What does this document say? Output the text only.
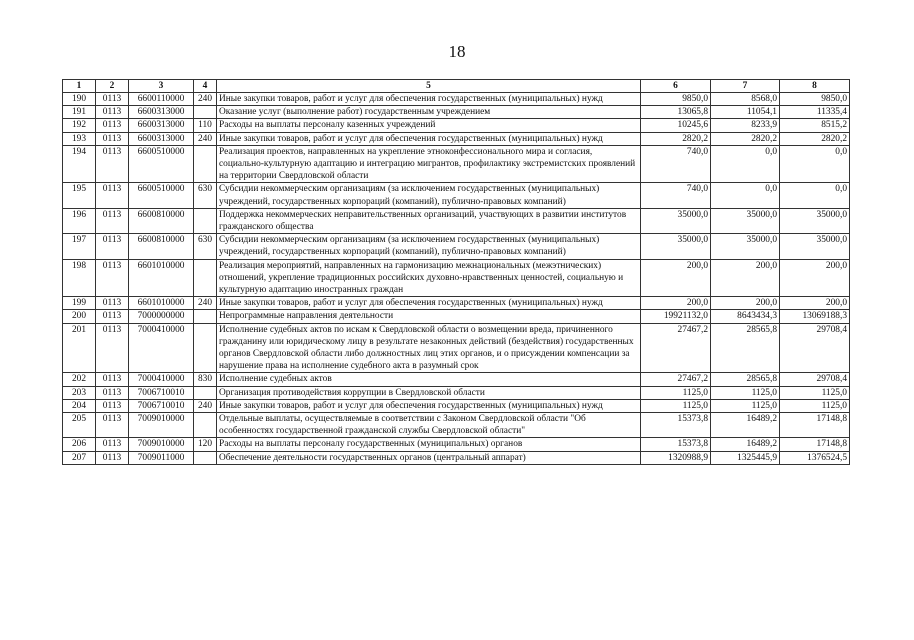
18
1	2	3	4	5	6	7	8
190	0113	6600110000	240	Иные закупки товаров, работ и услуг для обеспечения государственных (муниципальных) нужд	9850,0	8568,0	9850,0
191	0113	6600313000		Оказание услуг (выполнение работ) государственным учреждением	13065,8	11054,1	11335,4
192	0113	6600313000	110	Расходы на выплаты персоналу казенных учреждений	10245,6	8233,9	8515,2
193	0113	6600313000	240	Иные закупки товаров, работ и услуг для обеспечения государственных (муниципальных) нужд	2820,2	2820,2	2820,2
194	0113	6600510000		Реализация проектов, направленных на укрепление этноконфессионального мира и согласия, социально-культурную адаптацию и интеграцию мигрантов, профилактику экстремистских проявлений на территории Свердловской области	740,0	0,0	0,0
195	0113	6600510000	630	Субсидии некоммерческим организациям (за исключением государственных (муниципальных) учреждений, государственных корпораций (компаний), публично-правовых компаний)	740,0	0,0	0,0
196	0113	6600810000		Поддержка некоммерческих неправительственных организаций, участвующих в развитии институтов гражданского общества	35000,0	35000,0	35000,0
197	0113	6600810000	630	Субсидии некоммерческим организациям (за исключением государственных (муниципальных) учреждений, государственных корпораций (компаний), публично-правовых компаний)	35000,0	35000,0	35000,0
198	0113	6601010000		Реализация мероприятий, направленных на гармонизацию межнациональных (межэтнических) отношений, укрепление традиционных российских духовно-нравственных ценностей, социальную и культурную адаптацию иностранных граждан	200,0	200,0	200,0
199	0113	6601010000	240	Иные закупки товаров, работ и услуг для обеспечения государственных (муниципальных) нужд	200,0	200,0	200,0
200	0113	7000000000		Непрограммные направления деятельности	19921132,0	8643434,3	13069188,3
201	0113	7000410000		Исполнение судебных актов по искам к Свердловской области о возмещении вреда, причиненного гражданину или юридическому лицу в результате незаконных действий (бездействия) государственных органов Свердловской области либо должностных лиц этих органов, и о присуждении компенсации за нарушение права на исполнение судебного акта в разумный срок	27467,2	28565,8	29708,4
202	0113	7000410000	830	Исполнение судебных актов	27467,2	28565,8	29708,4
203	0113	7006710010		Организация противодействия коррупции в Свердловской области	1125,0	1125,0	1125,0
204	0113	7006710010	240	Иные закупки товаров, работ и услуг для обеспечения государственных (муниципальных) нужд	1125,0	1125,0	1125,0
205	0113	7009010000		Отдельные выплаты, осуществляемые в соответствии с Законом Свердловской области "Об особенностях государственной гражданской службы Свердловской области"	15373,8	16489,2	17148,8
206	0113	7009010000	120	Расходы на выплаты персоналу государственных (муниципальных) органов	15373,8	16489,2	17148,8
207	0113	7009011000		Обеспечение деятельности государственных органов (центральный аппарат)	1320988,9	1325445,9	1376524,5
